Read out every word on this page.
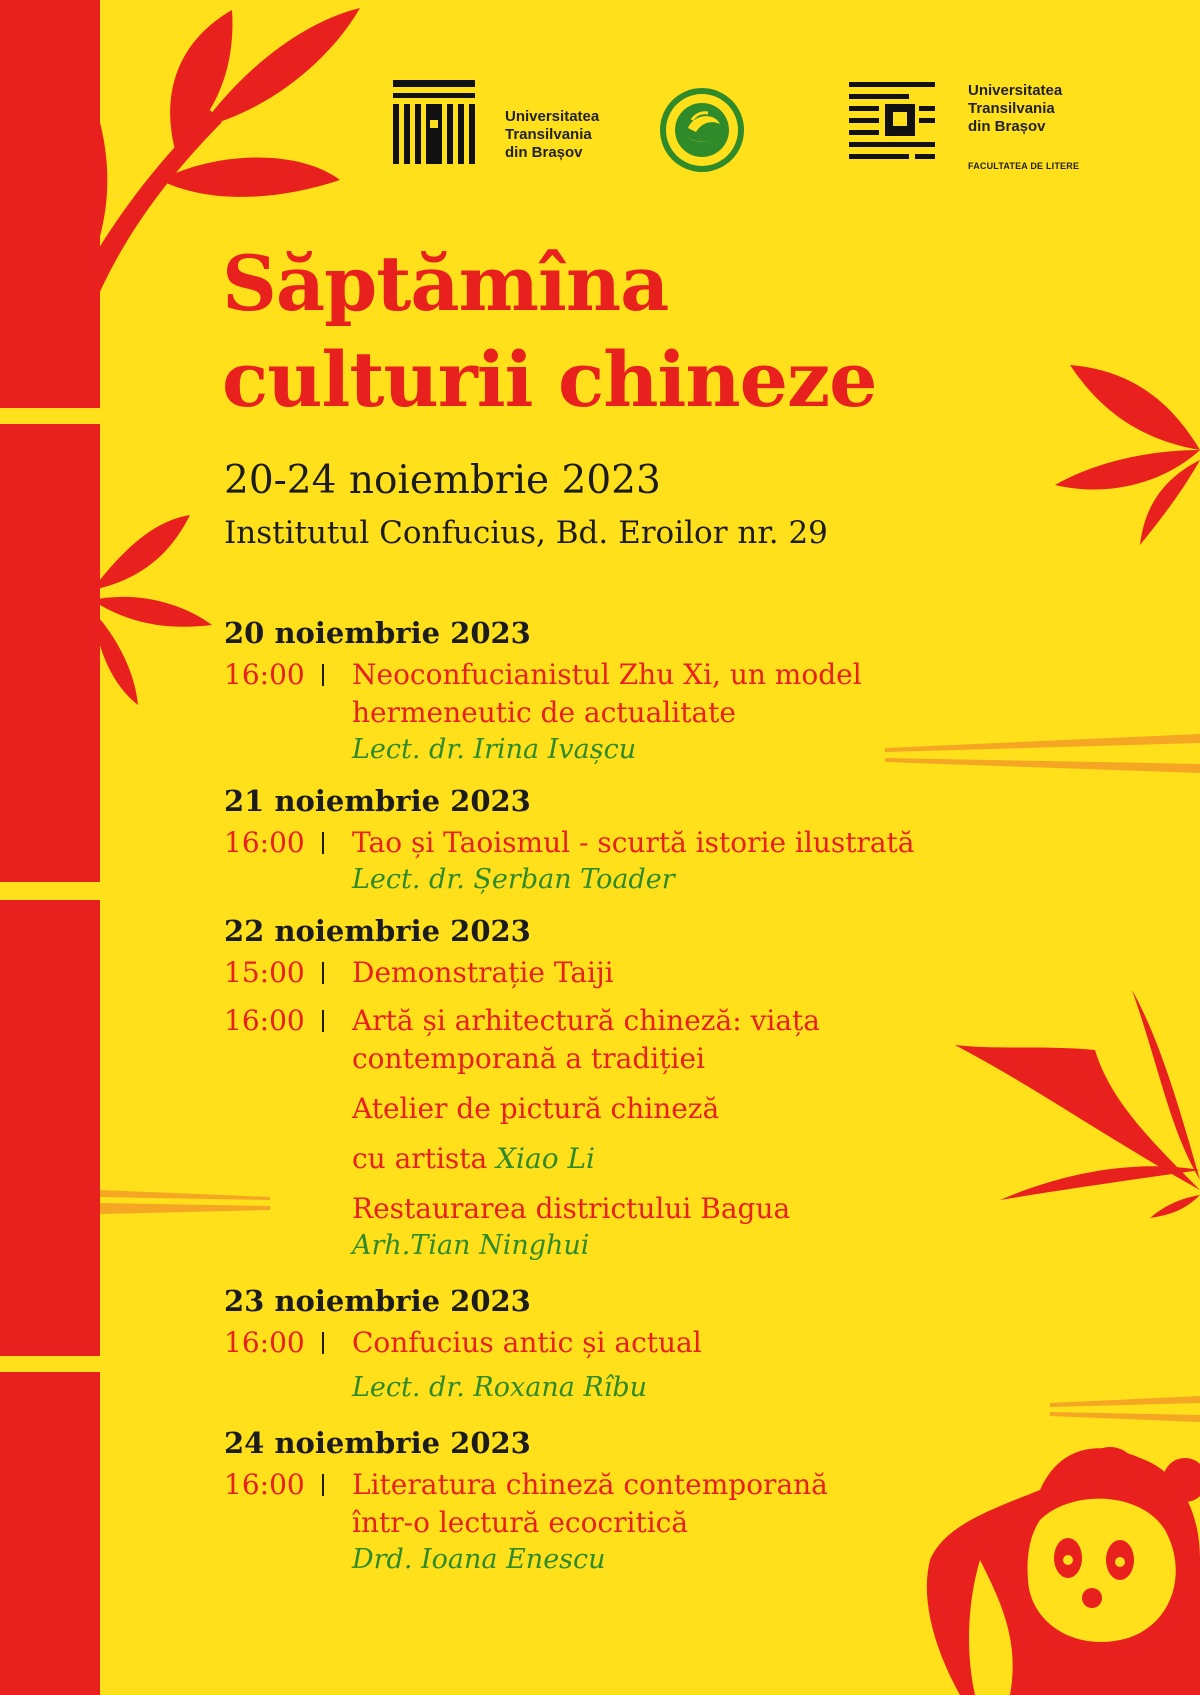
Universitatea
Transilvania
din Brașov
Universitatea
Transilvania
din Brașov
FACULTATEA DE LITERE
Săptămîna
culturii chineze
20-24 noiembrie 2023
Institutul Confucius, Bd. Eroilor nr. 29
20 noiembrie 2023
16:00 Neoconfucianistul Zhu Xi, un model
hermeneutic de actualitate
Lect. dr. Irina Ivașcu
21 noiembrie 2023
16:00 Tao și Taoismul - scurtă istorie ilustrată
Lect. dr. Șerban Toader
22 noiembrie 2023
15:00 Demonstrație Taiji
16:00 Artă și arhitectură chineză: viața
contemporană a tradiției
Atelier de pictură chineză
cu artista Xiao Li
Restaurarea districtului Bagua
Arh.Tian Ninghui
23 noiembrie 2023
16:00 Confucius antic și actual
Lect. dr. Roxana Rîbu
24 noiembrie 2023
16:00 Literatura chineză contemporană
într-o lectură ecocritică
Drd. Ioana Enescu
